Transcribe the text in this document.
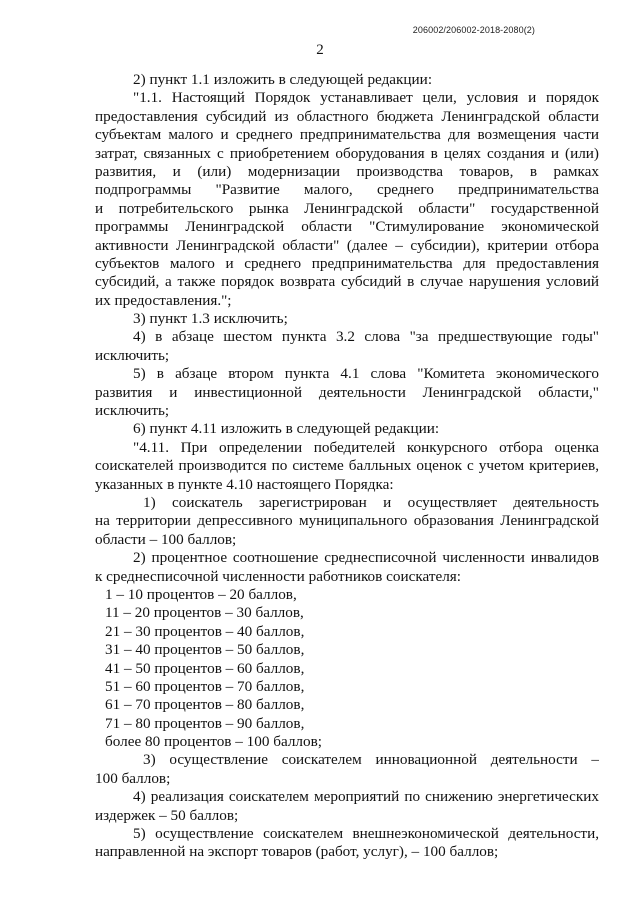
206002/206002-2018-2080(2)
2
2) пункт 1.1 изложить в следующей редакции:
"1.1. Настоящий Порядок устанавливает цели, условия и порядок
предоставления субсидий из областного бюджета Ленинградской области
субъектам малого и среднего предпринимательства для возмещения части
затрат, связанных с приобретением оборудования в целях создания и (или)
развития, и (или) модернизации производства товаров, в рамках
подпрограммы "Развитие малого, среднего предпринимательства
и потребительского рынка Ленинградской области" государственной
программы Ленинградской области "Стимулирование экономической
активности Ленинградской области" (далее – субсидии), критерии отбора
субъектов малого и среднего предпринимательства для предоставления
субсидий, а также порядок возврата субсидий в случае нарушения условий
их предоставления.";
3) пункт 1.3 исключить;
4) в абзаце шестом пункта 3.2 слова "за предшествующие годы"
исключить;
5) в абзаце втором пункта 4.1 слова "Комитета экономического
развития и инвестиционной деятельности Ленинградской области,"
исключить;
6) пункт 4.11 изложить в следующей редакции:
"4.11. При определении победителей конкурсного отбора оценка
соискателей производится по системе балльных оценок с учетом критериев,
указанных в пункте 4.10 настоящего Порядка:
1) соискатель зарегистрирован и осуществляет деятельность
на территории депрессивного муниципального образования Ленинградской
области – 100 баллов;
2) процентное соотношение среднесписочной численности инвалидов
к среднесписочной численности работников соискателя:
1 – 10 процентов – 20 баллов,
11 – 20 процентов – 30 баллов,
21 – 30 процентов – 40 баллов,
31 – 40 процентов – 50 баллов,
41 – 50 процентов – 60 баллов,
51 – 60 процентов – 70 баллов,
61 – 70 процентов – 80 баллов,
71 – 80 процентов – 90 баллов,
более 80 процентов – 100 баллов;
3) осуществление соискателем инновационной деятельности –
100 баллов;
4) реализация соискателем мероприятий по снижению энергетических
издержек – 50 баллов;
5) осуществление соискателем внешнеэкономической деятельности,
направленной на экспорт товаров (работ, услуг), – 100 баллов;
